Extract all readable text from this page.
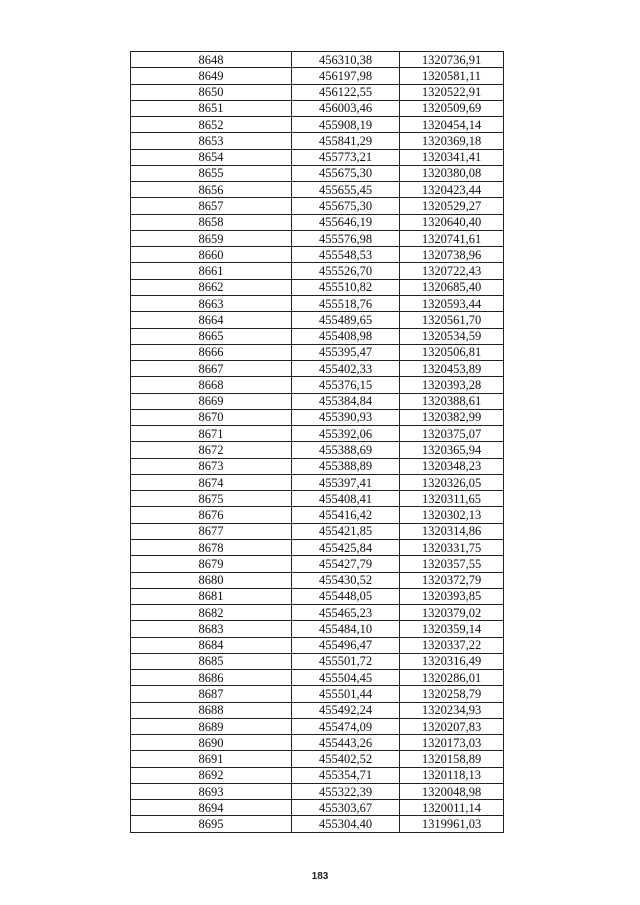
8648	456310,38	1320736,91
8649	456197,98	1320581,11
8650	456122,55	1320522,91
8651	456003,46	1320509,69
8652	455908,19	1320454,14
8653	455841,29	1320369,18
8654	455773,21	1320341,41
8655	455675,30	1320380,08
8656	455655,45	1320423,44
8657	455675,30	1320529,27
8658	455646,19	1320640,40
8659	455576,98	1320741,61
8660	455548,53	1320738,96
8661	455526,70	1320722,43
8662	455510,82	1320685,40
8663	455518,76	1320593,44
8664	455489,65	1320561,70
8665	455408,98	1320534,59
8666	455395,47	1320506,81
8667	455402,33	1320453,89
8668	455376,15	1320393,28
8669	455384,84	1320388,61
8670	455390,93	1320382,99
8671	455392,06	1320375,07
8672	455388,69	1320365,94
8673	455388,89	1320348,23
8674	455397,41	1320326,05
8675	455408,41	1320311,65
8676	455416,42	1320302,13
8677	455421,85	1320314,86
8678	455425,84	1320331,75
8679	455427,79	1320357,55
8680	455430,52	1320372,79
8681	455448,05	1320393,85
8682	455465,23	1320379,02
8683	455484,10	1320359,14
8684	455496,47	1320337,22
8685	455501,72	1320316,49
8686	455504,45	1320286,01
8687	455501,44	1320258,79
8688	455492,24	1320234,93
8689	455474,09	1320207,83
8690	455443,26	1320173,03
8691	455402,52	1320158,89
8692	455354,71	1320118,13
8693	455322,39	1320048,98
8694	455303,67	1320011,14
8695	455304,40	1319961,03
183
